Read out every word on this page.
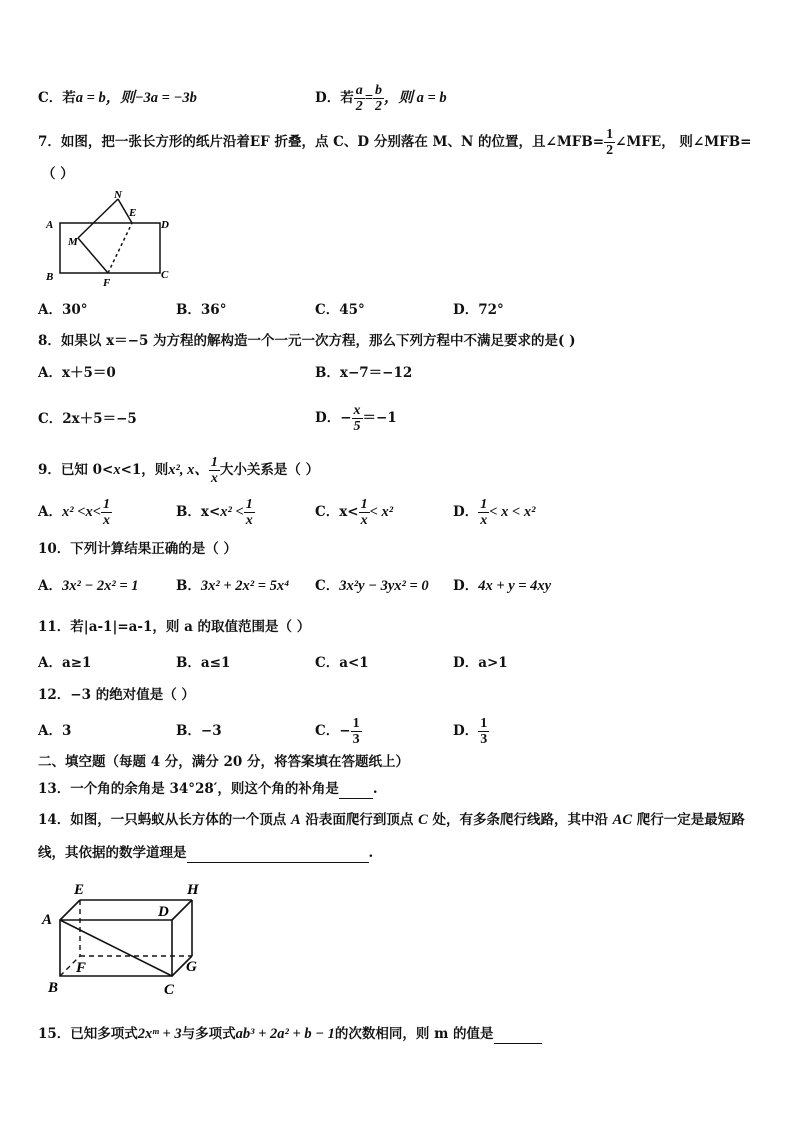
C．若a = b，则−3a = −3b	D．若 $\frac{a}{2} = \frac{b}{2}$ ，则 a = b
7．如图，把一张长方形的纸片沿着EF 折叠，点 C、D 分别落在 M、N 的位置，且∠MFB= $\frac{1}{2}$ ∠MFE， 则∠MFB=
（ ）
A
B	C
D
E
F
M
N
A．30°	B．36°	C．45°	D．72°
8．如果以 x＝−5 为方程的解构造一个一元一次方程，那么下列方程中不满足要求的是( )
A．x＋5＝0	B．x−7＝−12
C．2x＋5＝−5	D．− $\frac{x}{5} =-1$
9．已知 0< x <1，则 x², x、 $\frac{1}{x}$ 大小关系是（ ）
A． $x^2 <x< \frac{1}{x}$	B．$x< x^2 < \frac{1}{x}$	C．$x< \frac{1}{x} < x^2$	D． $\frac{1}{x} < x < x^2$
10．下列计算结果正确的是（ ）
A．3x² − 2x² = 1	B．3x² + 2x² = 5x⁴ C．3x²y − 3yx² = 0 D．4x + y = 4xy
11．若|a-1|=a-1，则 a 的取值范围是（ ）
A．a≥1	B．a≤1	C．a<1	D．a>1
12．−3 的绝对值是（ ）
A．3	B．−3	C．− $\frac{1}{3}$	D． $\frac{1}{3}$
二、填空题（每题 4 分，满分 20 分，将答案填在答题纸上）
13．一个角的余角是 34°28′，则这个角的补角是	.
14．如图，一只蚂蚁从长方体的一个顶点 A 沿表面爬行到顶点 C 处，有多条爬行线路，其中沿 AC 爬行一定是最短路
线，其依据的数学道理是	.
A
B	C
D
E
F	G
H
15．已知多项式2xᵐ + 3与多项式ab³ + 2a² + b − 1的次数相同，则 m 的值是
